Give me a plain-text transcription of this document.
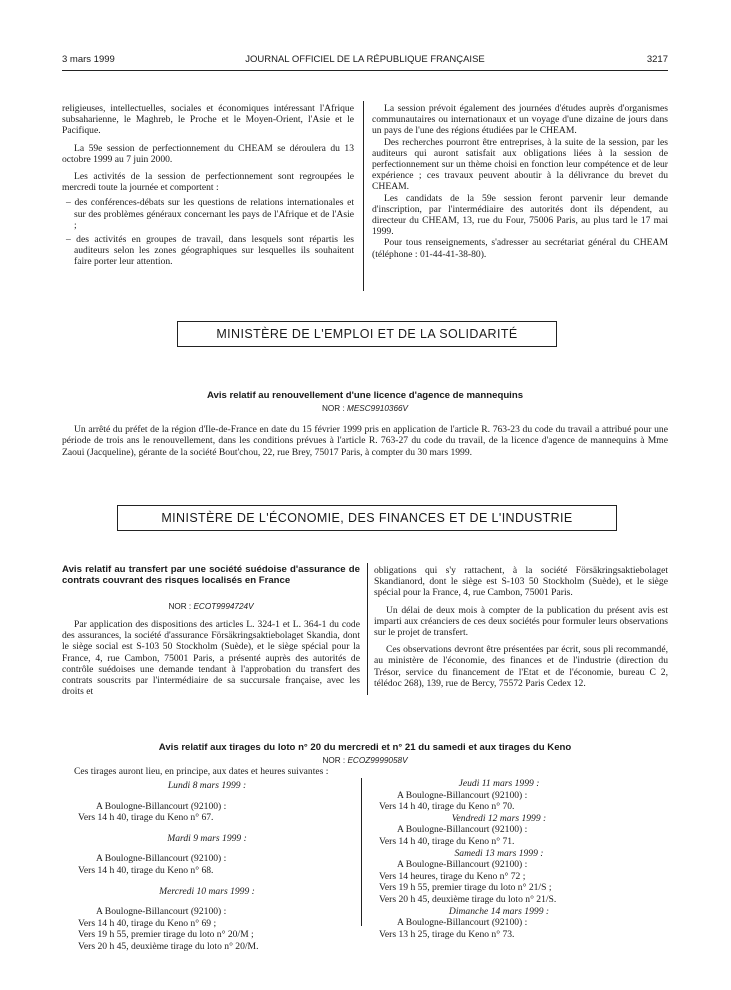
3 mars 1999	JOURNAL OFFICIEL DE LA RÉPUBLIQUE FRANÇAISE	3217

religieuses, intellectuelles, sociales et économiques intéressant l'Afrique subsaharienne, le Maghreb, le Proche et le Moyen-Orient, l'Asie et le Pacifique.

La 59e session de perfectionnement du CHEAM se déroulera du 13 octobre 1999 au 7 juin 2000.

Les activités de la session de perfectionnement sont regroupées le mercredi toute la journée et comportent :

– des conférences-débats sur les questions de relations internationales et sur des problèmes généraux concernant les pays de l'Afrique et de l'Asie ;
– des activités en groupes de travail, dans lesquels sont répartis les auditeurs selon les zones géographiques sur lesquelles ils souhaitent faire porter leur attention.

La session prévoit également des journées d'études auprès d'organismes communautaires ou internationaux et un voyage d'une dizaine de jours dans un pays de l'une des régions étudiées par le CHEAM.

Des recherches pourront être entreprises, à la suite de la session, par les auditeurs qui auront satisfait aux obligations liées à la session de perfectionnement sur un thème choisi en fonction leur compétence et de leur expérience ; ces travaux peuvent aboutir à la délivrance du brevet du CHEAM.

Les candidats de la 59e session feront parvenir leur demande d'inscription, par l'intermédiaire des autorités dont ils dépendent, au directeur du CHEAM, 13, rue du Four, 75006 Paris, au plus tard le 17 mai 1999.

Pour tous renseignements, s'adresser au secrétariat général du CHEAM (téléphone : 01-44-41-38-80).

MINISTÈRE DE L'EMPLOI ET DE LA SOLIDARITÉ
Avis relatif au renouvellement d'une licence d'agence de mannequins
NOR : MESC9910366V
Un arrêté du préfet de la région d'Ile-de-France en date du 15 février 1999 pris en application de l'article R. 763-23 du code du travail a attribué pour une période de trois ans le renouvellement, dans les conditions prévues à l'article R. 763-27 du code du travail, de la licence d'agence de mannequins à Mme Zaoui (Jacqueline), gérante de la société Bout'chou, 22, rue Brey, 75017 Paris, à compter du 30 mars 1999.
MINISTÈRE DE L'ÉCONOMIE, DES FINANCES ET DE L'INDUSTRIE
Avis relatif au transfert par une société suédoise d'assurance de contrats couvrant des risques localisés en France
NOR : ECOT9994724V

Par application des dispositions des articles L. 324-1 et L. 364-1 du code des assurances, la société d'assurance Försäkringsaktiebolaget Skandia, dont le siège social est S-103 50 Stockholm (Suède), et le siège spécial pour la France, 4, rue Cambon, 75001 Paris, a présenté auprès des autorités de contrôle suédoises une demande tendant à l'approbation du transfert des contrats souscrits par l'intermédiaire de sa succursale française, avec les droits et

obligations qui s'y rattachent, à la société Försäkringsaktiebolaget Skandianord, dont le siège est S-103 50 Stockholm (Suède), et le siège spécial pour la France, 4, rue Cambon, 75001 Paris.

Un délai de deux mois à compter de la publication du présent avis est imparti aux créanciers de ces deux sociétés pour formuler leurs observations sur le projet de transfert.

Ces observations devront être présentées par écrit, sous pli recommandé, au ministère de l'économie, des finances et de l'industrie (direction du Trésor, service du financement de l'Etat et de l'économie, bureau C 2, télédoc 268), 139, rue de Bercy, 75572 Paris Cedex 12.

Avis relatif aux tirages du loto n° 20 du mercredi et n° 21 du samedi et aux tirages du Keno
NOR : ECOZ9999058V
Ces tirages auront lieu, en principe, aux dates et heures suivantes :
Lundi 8 mars 1999 :
A Boulogne-Billancourt (92100) :
Vers 14 h 40, tirage du Keno n° 67.
Mardi 9 mars 1999 :
A Boulogne-Billancourt (92100) :
Vers 14 h 40, tirage du Keno n° 68.
Mercredi 10 mars 1999 :
A Boulogne-Billancourt (92100) :
Vers 14 h 40, tirage du Keno n° 69 ;
Vers 19 h 55, premier tirage du loto n° 20/M ;
Vers 20 h 45, deuxième tirage du loto n° 20/M.
Jeudi 11 mars 1999 :
A Boulogne-Billancourt (92100) :
Vers 14 h 40, tirage du Keno n° 70.
Vendredi 12 mars 1999 :
A Boulogne-Billancourt (92100) :
Vers 14 h 40, tirage du Keno n° 71.
Samedi 13 mars 1999 :
A Boulogne-Billancourt (92100) :
Vers 14 heures, tirage du Keno n° 72 ;
Vers 19 h 55, premier tirage du loto n° 21/S ;
Vers 20 h 45, deuxième tirage du loto n° 21/S.
Dimanche 14 mars 1999 :
A Boulogne-Billancourt (92100) :
Vers 13 h 25, tirage du Keno n° 73.
